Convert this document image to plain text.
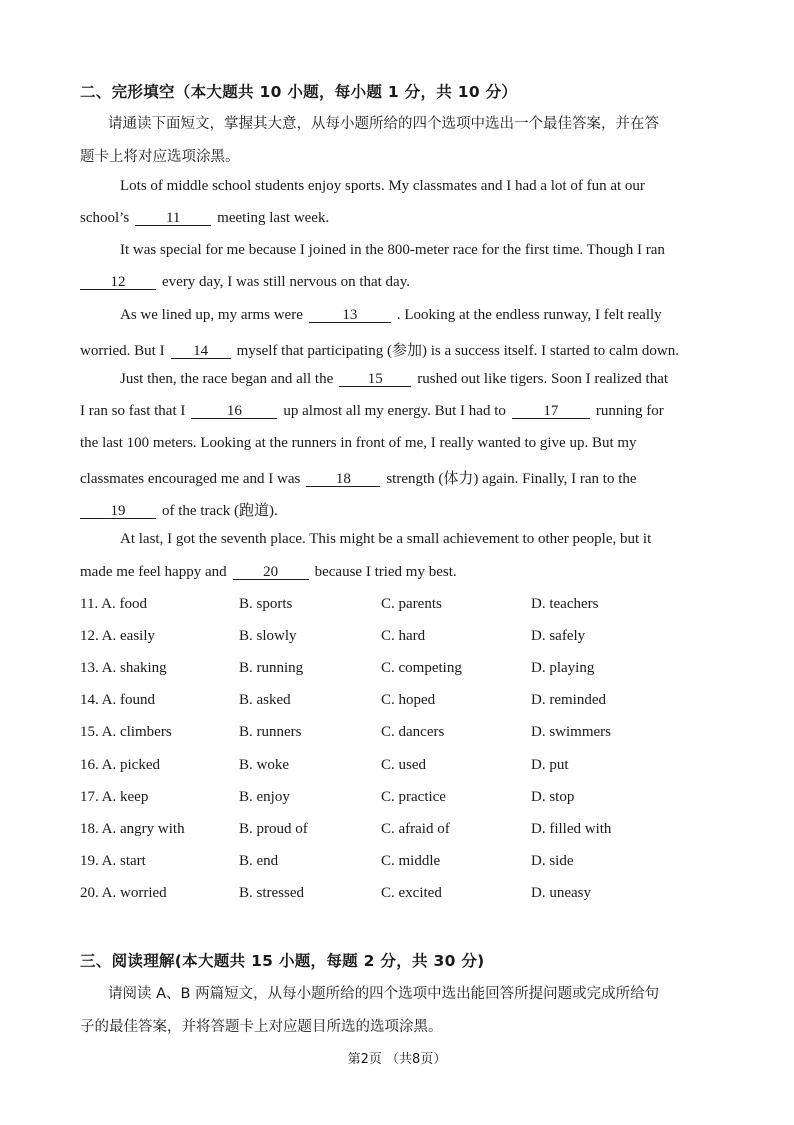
二、完形填空（本大题共 10 小题，每小题 1 分，共 10 分）
请通读下面短文，掌握其大意，从每小题所给的四个选项中选出一个最佳答案，并在答
题卡上将对应选项涂黑。
Lots of middle school students enjoy sports. My classmates and I had a lot of fun at our
school’s 11 meeting last week.
It was special for me because I joined in the 800-meter race for the first time. Though I ran
12 every day, I was still nervous on that day.
As we lined up, my arms were	13	. Looking at the endless runway, I felt really
worried. But I 14 myself that participating (参加) is a success itself. I started to calm down.
Just then, the race began and all the 15 rushed out like tigers. Soon I realized that
I ran so fast that I	16	up almost all my energy. But I had to	17	running for
the last 100 meters. Looking at the runners in front of me, I really wanted to give up. But my
classmates encouraged me and I was 18 strength (体力) again. Finally, I ran to the
19 of the track (跑道).
At last, I got the seventh place. This might be a small achievement to other people, but it
made me feel happy and 20 because I tried my best.
11. A. food	B. sports	C. parents	D. teachers
12. A. easily	B. slowly	C. hard	D. safely
13. A. shaking	B. running	C. competing	D. playing
14. A. found	B. asked	C. hoped	D. reminded
15. A. climbers	B. runners	C. dancers	D. swimmers
16. A. picked	B. woke	C. used	D. put
17. A. keep	B. enjoy	C. practice	D. stop
18. A. angry with	B. proud of	C. afraid of	D. filled with
19. A. start	B. end	C. middle	D. side
20. A. worried	B. stressed	C. excited	D. uneasy
三、阅读理解(本大题共 15 小题，每题 2 分，共 30 分)
请阅读 A、B 两篇短文，从每小题所给的四个选项中选出能回答所提问题或完成所给句
子的最佳答案，并将答题卡上对应题目所选的选项涂黑。
第2页 （共8页）
